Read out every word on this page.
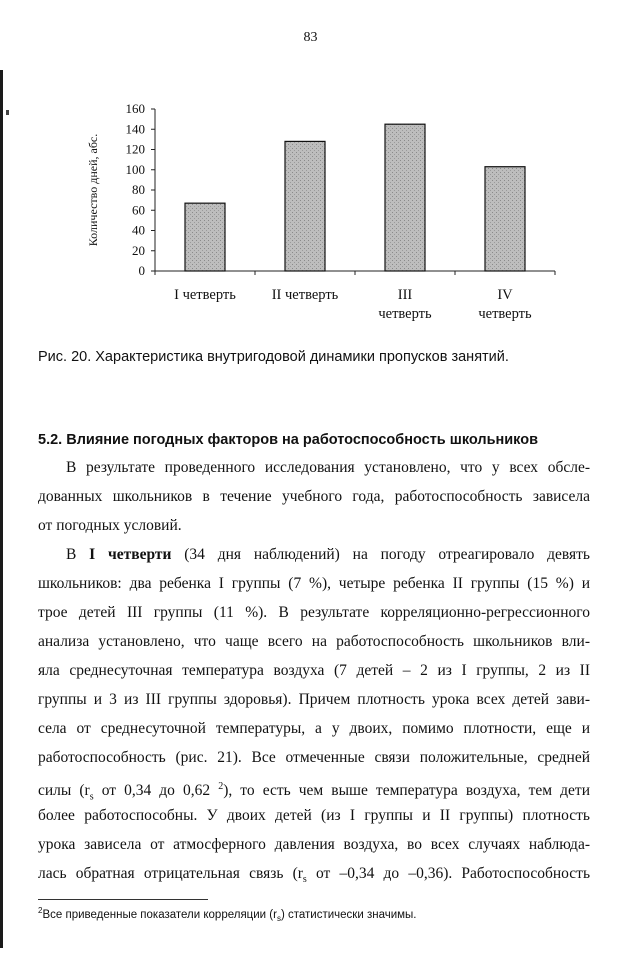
83
0
20
40
60
80
100
120
140
160
Количество дней, абс.
I четверть II четверть	III
четверть
IV
четверть
Рис. 20. Характеристика внутригодовой динамики пропусков занятий.
5.2. Влияние погодных факторов на работоспособность школьников
В результате проведенного исследования установлено, что у всех обсле-
дованных школьников в течение учебного года, работоспособность зависела
от погодных условий.
В I четверти (34 дня наблюдений) на погоду отреагировало девять
школьников: два ребенка I группы (7 %), четыре ребенка II группы (15 %) и
трое детей III группы (11 %). В результате корреляционно-регрессионного
анализа установлено, что чаще всего на работоспособность школьников вли-
яла среднесуточная температура воздуха (7 детей – 2 из I группы, 2 из II
группы и 3 из III группы здоровья). Причем плотность урока всех детей зави-
села от среднесуточной температуры, а у двоих, помимо плотности, еще и
работоспособность (рис. 21). Все отмеченные связи положительные, средней
силы ($r_s$ от 0,34 до 0,62 $^2$), то есть чем выше температура воздуха, тем дети
более работоспособны. У двоих детей (из I группы и II группы) плотность
урока зависела от атмосферного давления воздуха, во всех случаях наблюда-
лась обратная отрицательная связь ($r_s$ от –0,34 до –0,36). Работоспособность
$^2$Все приведенные показатели корреляции $(r_s)$ статистически значимы.
